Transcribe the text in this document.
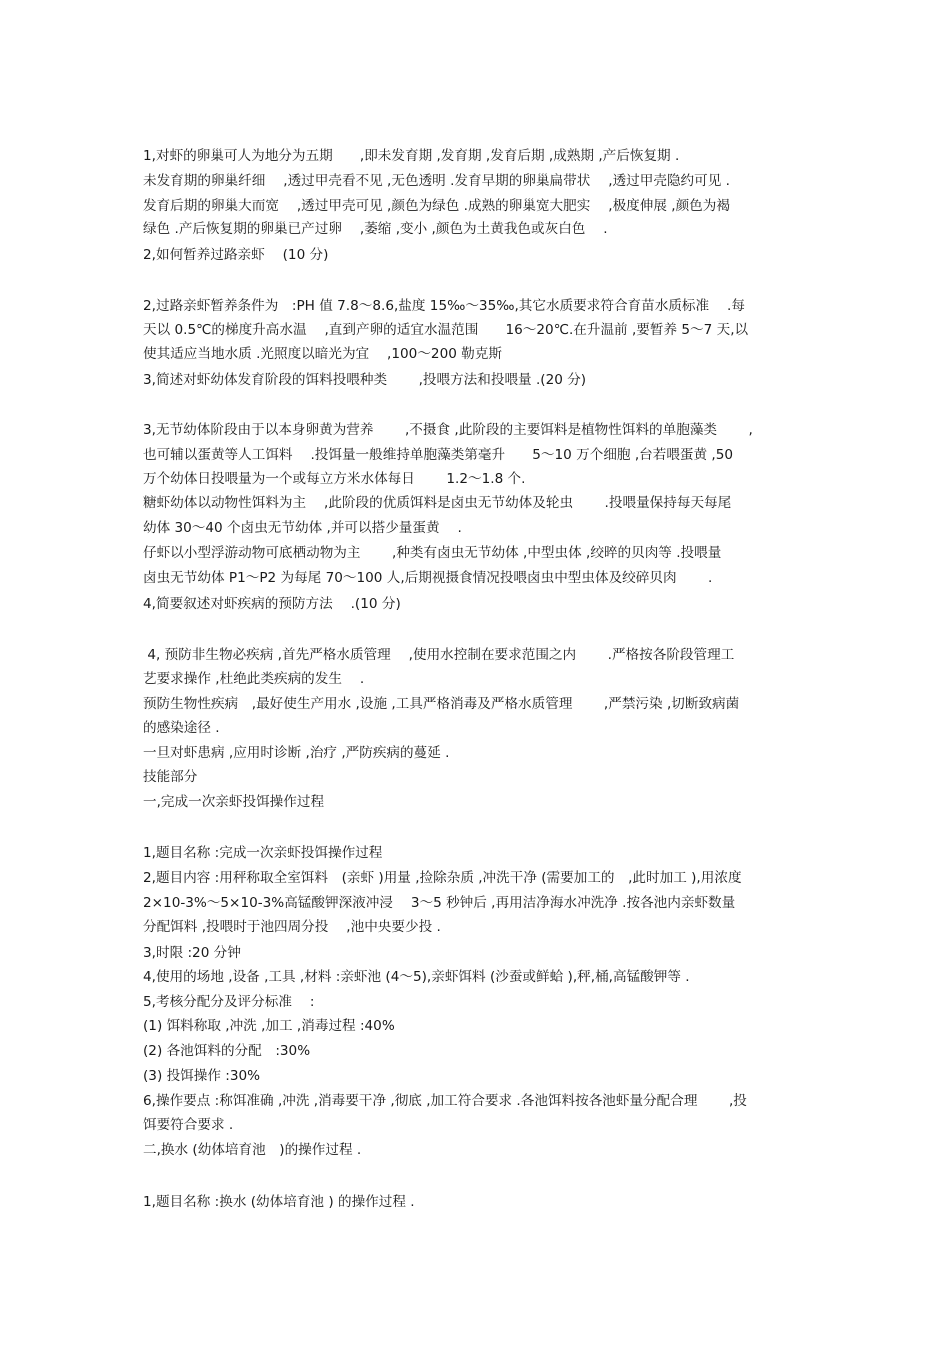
1,对虾的卵巢可人为地分为五期　　,即未发育期 ,发育期 ,发育后期 ,成熟期 ,产后恢复期 .

未发育期的卵巢纤细　 ,透过甲壳看不见 ,无色透明 .发育早期的卵巢扁带状　 ,透过甲壳隐约可见 .

发育后期的卵巢大而宽　 ,透过甲壳可见 ,颜色为绿色 .成熟的卵巢宽大肥实　 ,极度伸展 ,颜色为褐

绿色 .产后恢复期的卵巢已产过卵　 ,萎缩 ,变小 ,颜色为土黄我色或灰白色　 .

2,如何暂养过路亲虾　 (10 分)

2,过路亲虾暂养条件为　:PH 值 7.8～8.6,盐度 15‰～35‰,其它水质要求符合育苗水质标准　 .每

天以 0.5℃的梯度升高水温　 ,直到产卵的适宜水温范围　　16～20℃.在升温前 ,要暂养 5～7 天,以

使其适应当地水质 .光照度以暗光为宜　 ,100～200 勒克斯

3,简述对虾幼体发育阶段的饵料投喂种类　　 ,投喂方法和投喂量 .(20 分)

3,无节幼体阶段由于以本身卵黄为营养　　 ,不摄食 ,此阶段的主要饵料是植物性饵料的单胞藻类　　 ,

也可辅以蛋黄等人工饵料　 .投饵量一般维持单胞藻类第毫升　　5～10 万个细胞 ,台若喂蛋黄 ,50

万个幼体日投喂量为一个或每立方米水体每日　　 1.2～1.8 个.

糖虾幼体以动物性饵料为主　 ,此阶段的优质饵料是卤虫无节幼体及轮虫　　 .投喂量保持每天每尾

幼体 30～40 个卤虫无节幼体 ,并可以搭少量蛋黄　 .

仔虾以小型浮游动物可底栖动物为主　　 ,种类有卤虫无节幼体 ,中型虫体 ,绞晬的贝肉等 .投喂量

卤虫无节幼体 P1～P2 为每尾 70～100 人,后期视摄食情况投喂卤虫中型虫体及绞碎贝肉　　 .

4,简要叙述对虾疾病的预防方法　 .(10 分)

4, 预防非生物必疾病 ,首先严格水质管理　 ,使用水控制在要求范围之内　　 .严格按各阶段管理工

艺要求操作 ,杜绝此类疾病的发生　 .

预防生物性疾病　,最好使生产用水 ,设施 ,工具严格消毒及严格水质管理　　 ,严禁污染 ,切断致病菌

的感染途径 .

一旦对虾患病 ,应用时诊断 ,治疗 ,严防疾病的蔓延 .

技能部分

一,完成一次亲虾投饵操作过程

1,题目名称 :完成一次亲虾投饵操作过程

2,题目内容 :用秤称取全室饵料　(亲虾 )用量 ,捡除杂质 ,冲洗干净 (需要加工的　,此时加工 ),用浓度

2×10-3%～5×10-3%高锰酸钾深液冲浸　 3～5 秒钟后 ,再用洁净海水冲洗净 .按各池内亲虾数量

分配饵料 ,投喂时于池四周分投　 ,池中央要少投 .

3,时限 :20 分钟

4,使用的场地 ,设备 ,工具 ,材料 :亲虾池 (4～5),亲虾饵料 (沙蚕或鲜蛤 ),秤,桶,高锰酸钾等 .

5,考核分配分及评分标准　 :

(1) 饵料称取 ,冲洗 ,加工 ,消毒过程 :40%

(2) 各池饵料的分配　:30%

(3) 投饵操作 :30%

6,操作要点 :称饵准确 ,冲洗 ,消毒要干净 ,彻底 ,加工符合要求 .各池饵料按各池虾量分配合理　　 ,投

饵要符合要求 .

二,换水 (幼体培育池　)的操作过程 .

1,题目名称 :换水 (幼体培育池 ) 的操作过程 .
